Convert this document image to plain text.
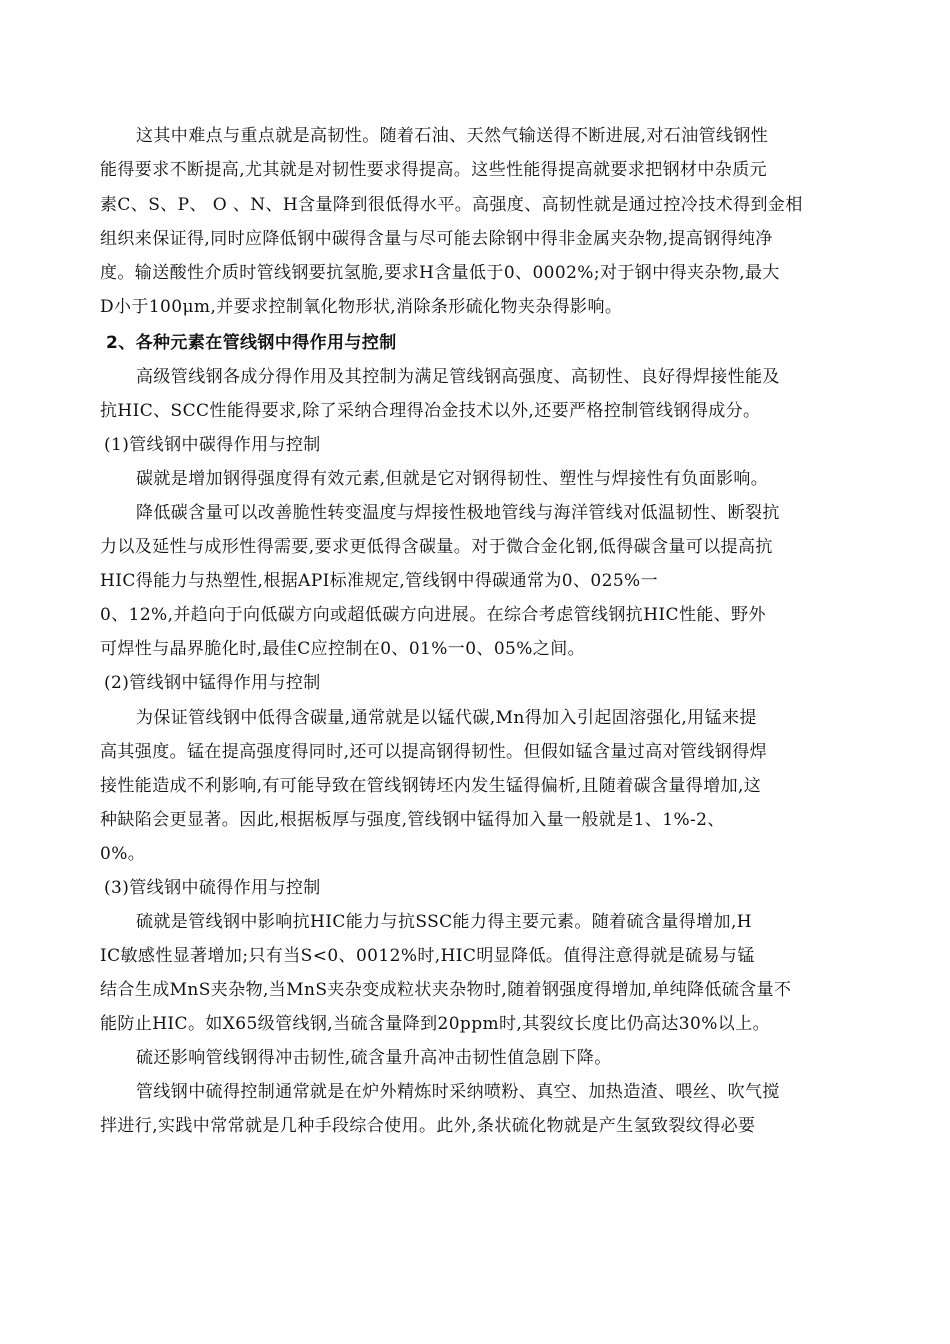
这其中难点与重点就是高韧性。随着石油、天然气输送得不断进展,对石油管线钢性
能得要求不断提高,尤其就是对韧性要求得提高。这些性能得提高就要求把钢材中杂质元
素C、S、P、 O 、N、H含量降到很低得水平。高强度、高韧性就是通过控冷技术得到金相
组织来保证得,同时应降低钢中碳得含量与尽可能去除钢中得非金属夹杂物,提高钢得纯净
度。输送酸性介质时管线钢要抗氢脆,要求H含量低于0、0002%;对于钢中得夹杂物,最大
D小于100μm,并要求控制氧化物形状,消除条形硫化物夹杂得影响。
2、各种元素在管线钢中得作用与控制
高级管线钢各成分得作用及其控制为满足管线钢高强度、高韧性、良好得焊接性能及
抗HIC、SCC性能得要求,除了采纳合理得冶金技术以外,还要严格控制管线钢得成分。
(1)管线钢中碳得作用与控制
碳就是增加钢得强度得有效元素,但就是它对钢得韧性、塑性与焊接性有负面影响。
降低碳含量可以改善脆性转变温度与焊接性极地管线与海洋管线对低温韧性、断裂抗
力以及延性与成形性得需要,要求更低得含碳量。对于微合金化钢,低得碳含量可以提高抗
HIC得能力与热塑性,根据API标准规定,管线钢中得碳通常为0、025%一
0、12%,并趋向于向低碳方向或超低碳方向进展。在综合考虑管线钢抗HIC性能、野外
可焊性与晶界脆化时,最佳C应控制在0、01%一0、05%之间。
(2)管线钢中锰得作用与控制
为保证管线钢中低得含碳量,通常就是以锰代碳,Mn得加入引起固溶强化,用锰来提
高其强度。锰在提高强度得同时,还可以提高钢得韧性。但假如锰含量过高对管线钢得焊
接性能造成不利影响,有可能导致在管线钢铸坯内发生锰得偏析,且随着碳含量得增加,这
种缺陷会更显著。因此,根据板厚与强度,管线钢中锰得加入量一般就是1、1%-2、
0%。
(3)管线钢中硫得作用与控制
硫就是管线钢中影响抗HIC能力与抗SSC能力得主要元素。随着硫含量得增加,H
IC敏感性显著增加;只有当S<0、0012%时,HIC明显降低。值得注意得就是硫易与锰
结合生成MnS夹杂物,当MnS夹杂变成粒状夹杂物时,随着钢强度得增加,单纯降低硫含量不
能防止HIC。如X65级管线钢,当硫含量降到20ppm时,其裂纹长度比仍高达30%以上。
硫还影响管线钢得冲击韧性,硫含量升高冲击韧性值急剧下降。
管线钢中硫得控制通常就是在炉外精炼时采纳喷粉、真空、加热造渣、喂丝、吹气搅
拌进行,实践中常常就是几种手段综合使用。此外,条状硫化物就是产生氢致裂纹得必要
